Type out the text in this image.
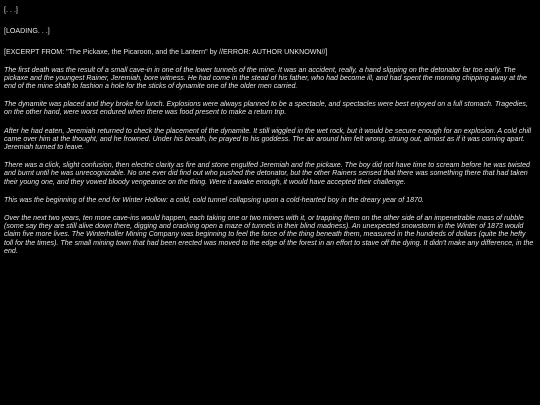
[. . .]
[LOADING. . .]
[EXCERPT FROM: "The Pickaxe, the Picaroon, and the Lantern" by //ERROR: AUTHOR UNKNOWN//]

The first death was the result of a small cave-in in one of the lower tunnels of the mine. It was an accident, really, a hand slipping on the detonator far too early. The pickaxe and the youngest Rainer, Jeremiah, bore witness. He had come in the stead of his father, who had become ill, and had spent the morning chipping away at the end of the mine shaft to fashion a hole for the sticks of dynamite one of the older men carried.

The dynamite was placed and they broke for lunch. Explosions were always planned to be a spectacle, and spectacles were best enjoyed on a full stomach. Tragedies, on the other hand, were worst endured when there was food present to make a return trip.

After he had eaten, Jeremiah returned to check the placement of the dynamite. It still wiggled in the wet rock, but it would be secure enough for an explosion. A cold chill came over him at the thought, and he frowned. Under his breath, he prayed to his goddess. The air around him felt wrong, strung out, almost as if it was coming apart. Jeremiah turned to leave.

There was a click, slight confusion, then electric clarity as fire and stone engulfed Jeremiah and the pickaxe. The boy did not have time to scream before he was twisted and burnt until he was unrecognizable. No one ever did find out who pushed the detonator, but the other Rainers sensed that there was something there that had taken their young one, and they vowed bloody vengeance on the thing. Were it awake enough, it would have accepted their challenge.

This was the beginning of the end for Winter Hollow: a cold, cold tunnel collapsing upon a cold-hearted boy in the dreary year of 1870.

Over the next two years, ten more cave-ins would happen, each taking one or two miners with it, or trapping them on the other side of an impenetrable mass of rubble (some say they are still alive down there, digging and cracking open a maze of tunnels in their blind madness). An unexpected snowstorm in the Winter of 1873 would claim five more lives. The Winterholler Mining Company was beginning to feel the force of the thing beneath them, measured in the hundreds of dollars (quite the hefty toll for the times). The small mining town that had been erected was moved to the edge of the forest in an effort to stave off the dying. It didn't make any difference, in the end.
